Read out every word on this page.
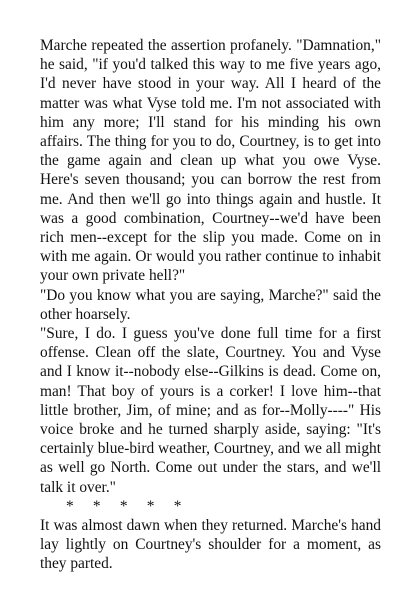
Marche repeated the assertion profanely. "Damnation," he said, "if you'd talked this way to me five years ago, I'd never have stood in your way. All I heard of the matter was what Vyse told me. I'm not associated with him any more; I'll stand for his minding his own affairs. The thing for you to do, Courtney, is to get into the game again and clean up what you owe Vyse. Here's seven thousand; you can borrow the rest from me. And then we'll go into things again and hustle. It was a good combination, Courtney--we'd have been rich men--except for the slip you made. Come on in with me again. Or would you rather continue to inhabit your own private hell?"

"Do you know what you are saying, Marche?" said the other hoarsely.

"Sure, I do. I guess you've done full time for a first offense. Clean off the slate, Courtney. You and Vyse and I know it--nobody else--Gilkins is dead. Come on, man! That boy of yours is a corker! I love him--that little brother, Jim, of mine; and as for--Molly----" His voice broke and he turned sharply aside, saying: "It's certainly blue-bird weather, Courtney, and we all might as well go North. Come out under the stars, and we'll talk it over."

*     *     *     *     *

It was almost dawn when they returned. Marche's hand lay lightly on Courtney's shoulder for a moment, as they parted.
